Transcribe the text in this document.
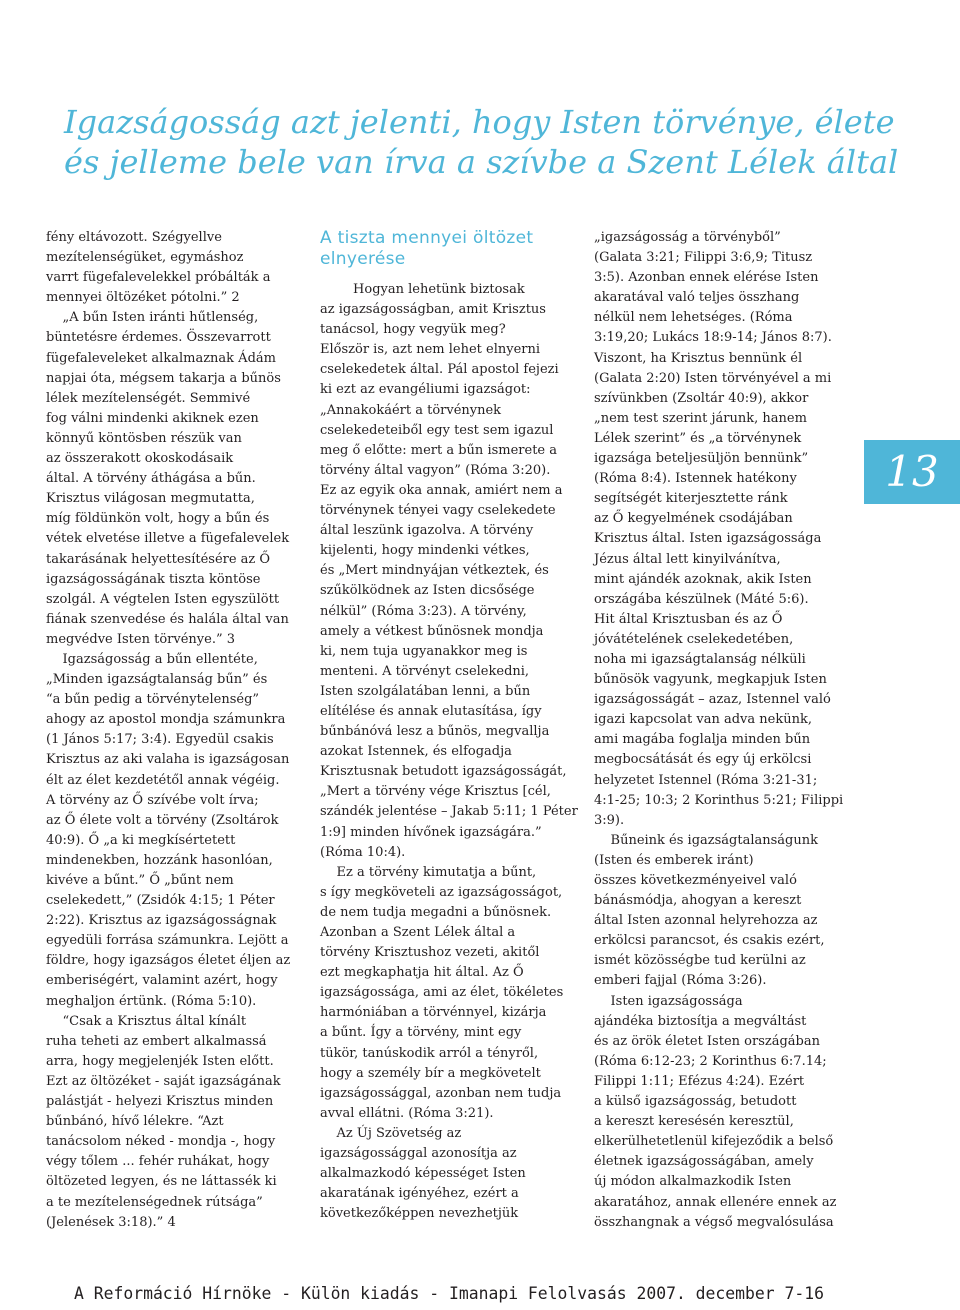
Igazságosság azt jelenti, hogy Isten törvénye, élete
és jelleme bele van írva a szívbe a Szent Lélek által
fény eltávozott. Szégyellve
mezítelenségüket, egymáshoz
varrt fügefalevelekkel próbálták a
mennyei öltözéket pótolni.” 2
„A bűn Isten iránti hűtlenség,
büntetésre érdemes. Összevarrott
fügefaleveleket alkalmaznak Ádám
napjai óta, mégsem takarja a bűnös
lélek mezítelenségét. Semmivé
fog válni mindenki akiknek ezen
könnyű köntösben részük van
az összerakott okoskodásaik
által. A törvény áthágása a bűn.
Krisztus világosan megmutatta,
míg földünkön volt, hogy a bűn és
vétek elvetése illetve a fügefalevelek
takarásának helyettesítésére az Ő
igazságosságának tiszta köntöse
szolgál. A végtelen Isten egyszülött
fiának szenvedése és halála által van
megvédve Isten törvénye.” 3
Igazságosság a bűn ellentéte,
„Minden igazságtalanság bűn” és
“a bűn pedig a törvénytelenség”
ahogy az apostol mondja számunkra
(1 János 5:17; 3:4). Egyedül csakis
Krisztus az aki valaha is igazságosan
élt az élet kezdetétől annak végéig.
A törvény az Ő szívébe volt írva;
az Ő élete volt a törvény (Zsoltárok
40:9). Ő „a ki megkísértetett
mindenekben, hozzánk hasonlóan,
kivéve a bűnt.” Ő „bűnt nem
cselekedett,” (Zsidók 4:15; 1 Péter
2:22). Krisztus az igazságosságnak
egyedüli forrása számunkra. Lejött a
földre, hogy igazságos életet éljen az
emberiségért, valamint azért, hogy
meghaljon értünk. (Róma 5:10).
“Csak a Krisztus által kínált
ruha teheti az embert alkalmassá
arra, hogy megjelenjék Isten előtt.
Ezt az öltözéket - saját igazságának
palástját - helyezi Krisztus minden
bűnbánó, hívő lélekre. “Azt
tanácsolom néked - mondja -, hogy
végy tőlem ... fehér ruhákat, hogy
öltözeted legyen, és ne láttassék ki
a te mezítelenségednek rútsága”
(Jelenések 3:18).” 4
A tiszta mennyei öltözet
elnyerése
Hogyan lehetünk biztosak
az igazságosságban, amit Krisztus
tanácsol, hogy vegyük meg?
Először is, azt nem lehet elnyerni
cselekedetek által. Pál apostol fejezi
ki ezt az evangéliumi igazságot:
„Annakokáért a törvénynek
cselekedeteiből egy test sem igazul
meg ő előtte: mert a bűn ismerete a
törvény által vagyon” (Róma 3:20).
Ez az egyik oka annak, amiért nem a
törvénynek tényei vagy cselekedete
által leszünk igazolva. A törvény
kijelenti, hogy mindenki vétkes,
és „Mert mindnyájan vétkeztek, és
szűkölködnek az Isten dicsősége
nélkül” (Róma 3:23). A törvény,
amely a vétkest bűnösnek mondja
ki, nem tuja ugyanakkor meg is
menteni. A törvényt cselekedni,
Isten szolgálatában lenni, a bűn
elítélése és annak elutasítása, így
bűnbánóvá lesz a bűnös, megvallja
azokat Istennek, és elfogadja
Krisztusnak betudott igazságosságát,
„Mert a törvény vége Krisztus [cél,
szándék jelentése – Jakab 5:11; 1 Péter
1:9] minden hívőnek igazságára.”
(Róma 10:4).
Ez a törvény kimutatja a bűnt,
s így megköveteli az igazságosságot,
de nem tudja megadni a bűnösnek.
Azonban a Szent Lélek által a
törvény Krisztushoz vezeti, akitől
ezt megkaphatja hit által. Az Ő
igazságossága, ami az élet, tökéletes
harmóniában a törvénnyel, kizárja
a bűnt. Így a törvény, mint egy
tükör, tanúskodik arról a tényről,
hogy a személy bír a megkövetelt
igazságossággal, azonban nem tudja
avval ellátni. (Róma 3:21).
Az Új Szövetség az
igazságossággal azonosítja az
alkalmazkodó képességet Isten
akaratának igényéhez, ezért a
következőképpen nevezhetjük
„igazságosság a törvényből”
(Galata 3:21; Filippi 3:6,9; Titusz
3:5). Azonban ennek elérése Isten
akaratával való teljes összhang
nélkül nem lehetséges. (Róma
3:19,20; Lukács 18:9-14; János 8:7).
Viszont, ha Krisztus bennünk él
(Galata 2:20) Isten törvényével a mi
szívünkben (Zsoltár 40:9), akkor
„nem test szerint járunk, hanem
Lélek szerint” és „a törvénynek
igazsága beteljesüljön bennünk”
(Róma 8:4). Istennek hatékony
segítségét kiterjesztette ránk
az Ő kegyelmének csodájában
Krisztus által. Isten igazságossága
Jézus által lett kinyilvánítva,
mint ajándék azoknak, akik Isten
országába készülnek (Máté 5:6).
Hit által Krisztusban és az Ő
jóvátételének cselekedetében,
noha mi igazságtalanság nélküli
bűnösök vagyunk, megkapjuk Isten
igazságosságát – azaz, Istennel való
igazi kapcsolat van adva nekünk,
ami magába foglalja minden bűn
megbocsátását és egy új erkölcsi
helyzetet Istennel (Róma 3:21-31;
4:1-25; 10:3; 2 Korinthus 5:21; Filippi
3:9).
Bűneink és igazságtalanságunk
(Isten és emberek iránt)
összes következményeivel való
bánásmódja, ahogyan a kereszt
által Isten azonnal helyrehozza az
erkölcsi parancsot, és csakis ezért,
ismét közösségbe tud kerülni az
emberi fajjal (Róma 3:26).
Isten igazságossága
ajándéka biztosítja a megváltást
és az örök életet Isten országában
(Róma 6:12-23; 2 Korinthus 6:7.14;
Filippi 1:11; Efézus 4:24). Ezért
a külső igazságosság, betudott
a kereszt keresésén keresztül,
elkerülhetetlenül kifejeződik a belső
életnek igazságosságában, amely
új módon alkalmazkodik Isten
akaratához, annak ellenére ennek az
összhangnak a végső megvalósulása
13
A Reformáció Hírnöke - Külön kiadás - Imanapi Felolvasás 2007. december 7-16
